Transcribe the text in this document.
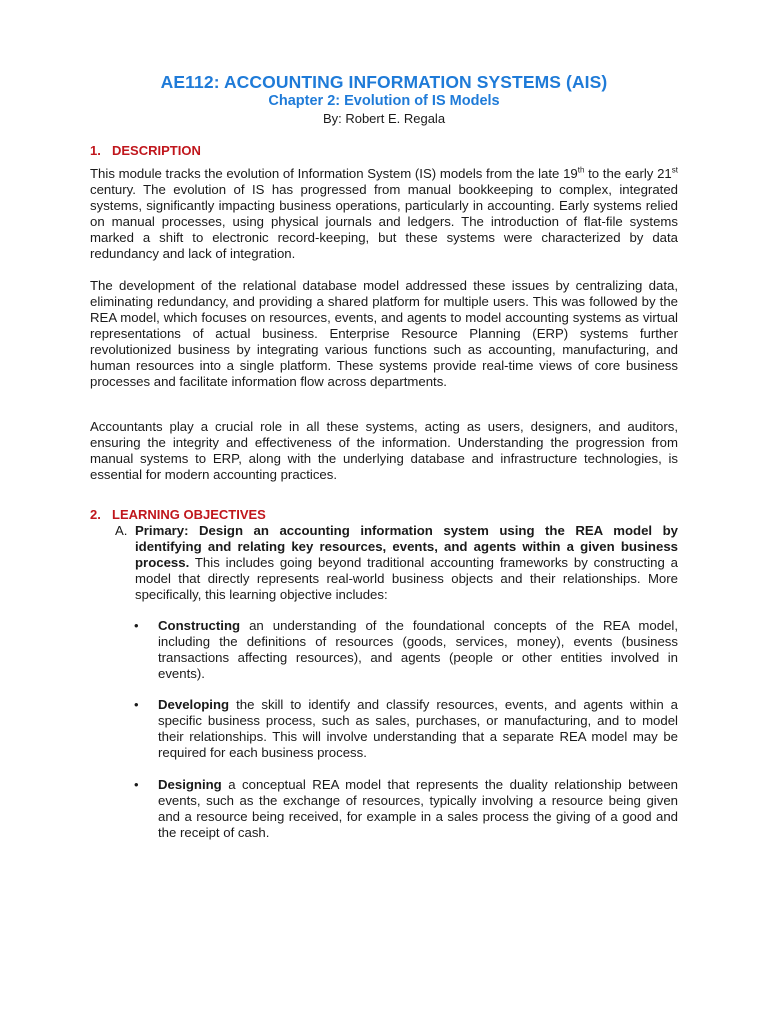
AE112: ACCOUNTING INFORMATION SYSTEMS (AIS)
Chapter 2: Evolution of IS Models
By: Robert E. Regala
1. DESCRIPTION

This module tracks the evolution of Information System (IS) models from the late 19th to the early 21st century. The evolution of IS has progressed from manual bookkeeping to complex, integrated systems, significantly impacting business operations, particularly in accounting. Early systems relied on manual processes, using physical journals and ledgers. The introduction of flat-file systems marked a shift to electronic record-keeping, but these systems were characterized by data redundancy and lack of integration.

The development of the relational database model addressed these issues by centralizing data, eliminating redundancy, and providing a shared platform for multiple users. This was followed by the REA model, which focuses on resources, events, and agents to model accounting systems as virtual representations of actual business. Enterprise Resource Planning (ERP) systems further revolutionized business by integrating various functions such as accounting, manufacturing, and human resources into a single platform. These systems provide real-time views of core business processes and facilitate information flow across departments.

Accountants play a crucial role in all these systems, acting as users, designers, and auditors, ensuring the integrity and effectiveness of the information. Understanding the progression from manual systems to ERP, along with the underlying database and infrastructure technologies, is essential for modern accounting practices.

2. LEARNING OBJECTIVES
A. Primary: Design an accounting information system using the REA model by identifying and relating key resources, events, and agents within a given business process. This includes going beyond traditional accounting frameworks by constructing a model that directly represents real-world business objects and their relationships. More specifically, this learning objective includes:
• Constructing an understanding of the foundational concepts of the REA model, including the definitions of resources (goods, services, money), events (business transactions affecting resources), and agents (people or other entities involved in events).
• Developing the skill to identify and classify resources, events, and agents within a specific business process, such as sales, purchases, or manufacturing, and to model their relationships. This will involve understanding that a separate REA model may be required for each business process.
• Designing a conceptual REA model that represents the duality relationship between events, such as the exchange of resources, typically involving a resource being given and a resource being received, for example in a sales process the giving of a good and the receipt of cash.
